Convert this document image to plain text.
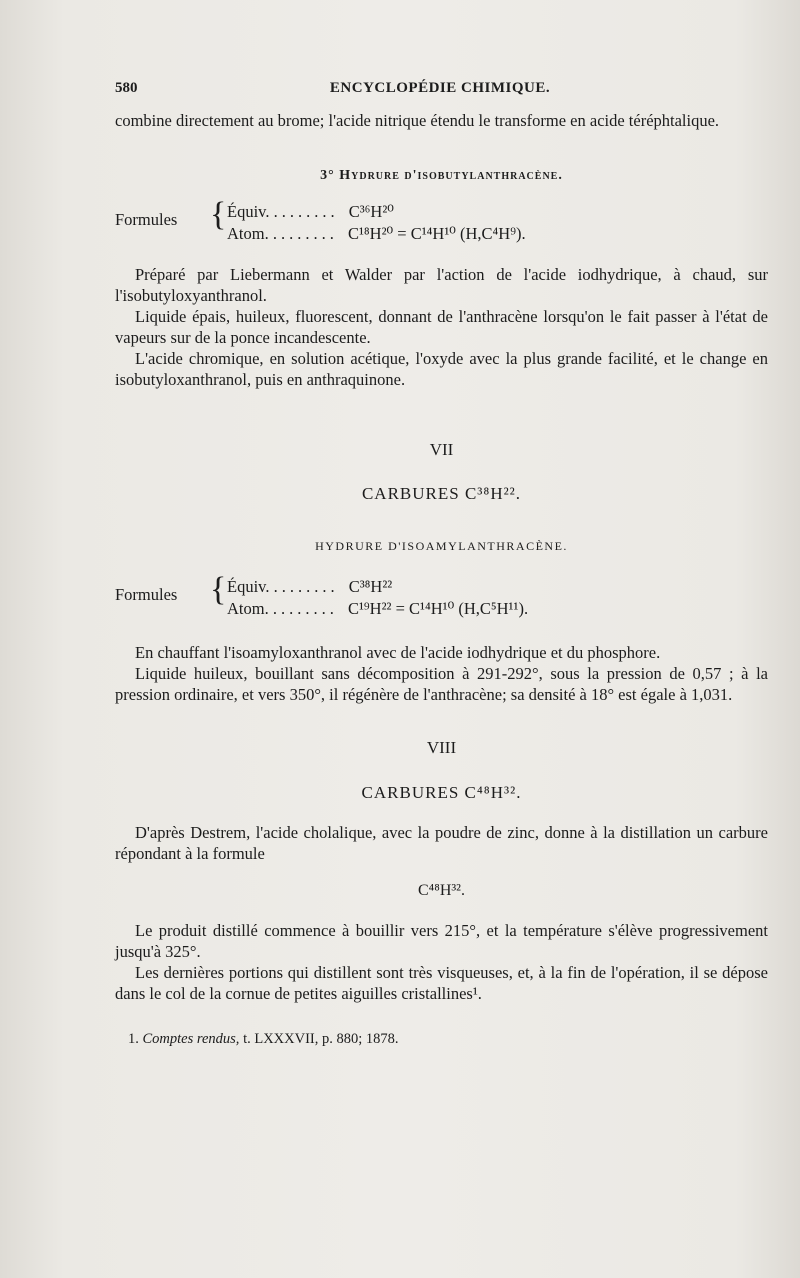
580	ENCYCLOPÉDIE CHIMIQUE.
combine directement au brome; l'acide nitrique étendu le transforme en acide téréphtalique.
3° Hydrure d'isobutylanthracène.
Formules { Équiv. ........ C³⁶H²⁰
Atom. ........ C¹⁸H²⁰ = C¹⁴H¹⁰ (H,C⁴H⁹).
Préparé par Liebermann et Walder par l'action de l'acide iodhydrique, à chaud, sur l'isobutyloxyanthranol.
Liquide épais, huileux, fluorescent, donnant de l'anthracène lorsqu'on le fait passer à l'état de vapeurs sur de la ponce incandescente.
L'acide chromique, en solution acétique, l'oxyde avec la plus grande facilité, et le change en isobutyloxanthranol, puis en anthraquinone.
VII
CARBURES C³⁸H²².
HYDRURE D'ISOAMYLANTHRACÈNE.
Formules { Équiv. ........ C³⁸H²²
Atom. ........ C¹⁹H²² = C¹⁴H¹⁰ (H,C⁵H¹¹).
En chauffant l'isoamyloxanthranol avec de l'acide iodhydrique et du phosphore.
Liquide huileux, bouillant sans décomposition à 291-292°, sous la pression de 0,57 ; à la pression ordinaire, et vers 350°, il régénère de l'anthracène; sa densité à 18° est égale à 1,031.
VIII
CARBURES C⁴⁸H³².
D'après Destrem, l'acide cholalique, avec la poudre de zinc, donne à la distillation un carbure répondant à la formule
C⁴⁸H³².
Le produit distillé commence à bouillir vers 215°, et la température s'élève progressivement jusqu'à 325°.
Les dernières portions qui distillent sont très visqueuses, et, à la fin de l'opération, il se dépose dans le col de la cornue de petites aiguilles cristallines¹.
1. Comptes rendus, t. LXXXVII, p. 880; 1878.
